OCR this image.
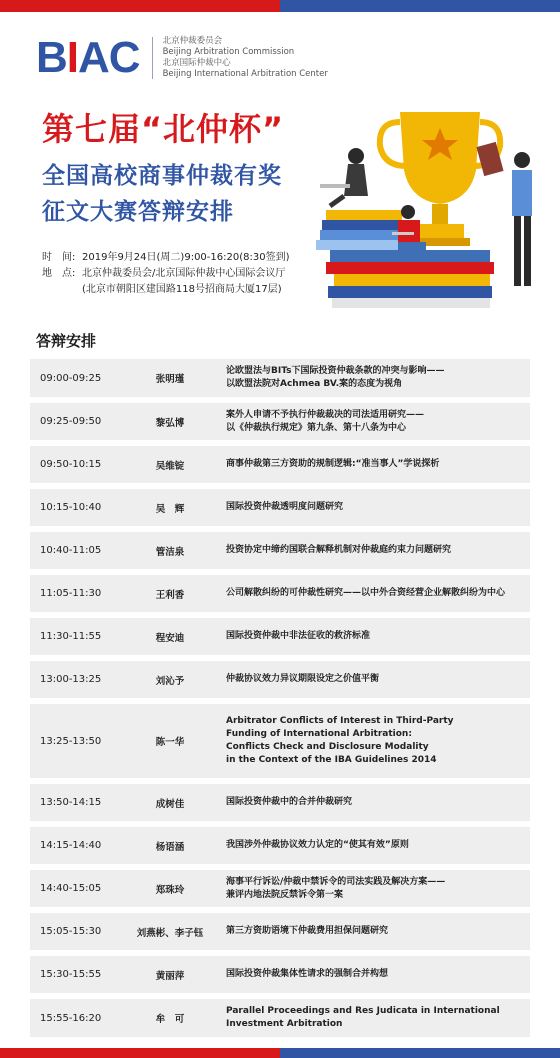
BIAC	北京仲裁委员会
Beijing Arbitration Commission
北京国际仲裁中心
Beijing International Arbitration Center
第七届“北仲杯”
全国高校商事仲裁有奖
征文大赛答辩安排
时　间: 2019年9月24日(周二)9:00-16:20(8:30签到)
地　点: 北京仲裁委员会/北京国际仲裁中心国际会议厅
(北京市朝阳区建国路118号招商局大厦17层)
答辩安排
09:00-09:25	张明瑾
论欧盟法与BITs下国际投资仲裁条款的冲突与影响——
以欧盟法院对Achmea BV.案的态度为视角
09:25-09:50	黎弘博
案外人申请不予执行仲裁裁决的司法适用研究——
以《仲裁执行规定》第九条、第十八条为中心
09:50-10:15	吴维锭	商事仲裁第三方资助的规制逻辑:“准当事人”学说探析
10:15-10:40	吴　辉	国际投资仲裁透明度问题研究
10:40-11:05	管洁泉	投资协定中缔约国联合解释机制对仲裁庭约束力问题研究
11:05-11:30	王利香	公司解散纠纷的可仲裁性研究——以中外合资经营企业解散纠纷为中心
11:30-11:55	程安迪	国际投资仲裁中非法征收的救济标准
13:00-13:25	刘沁予	仲裁协议效力异议期限设定之价值平衡
13:25-13:50	陈一华
Arbitrator Conflicts of Interest in Third-Party
Funding of International Arbitration:
Conflicts Check and Disclosure Modality
in the Context of the IBA Guidelines 2014
13:50-14:15	成树佳	国际投资仲裁中的合并仲裁研究
14:15-14:40	杨语涵	我国涉外仲裁协议效力认定的“使其有效”原则
14:40-15:05	郑珠玲
海事平行诉讼/仲裁中禁诉令的司法实践及解决方案——
兼评内地法院反禁诉令第一案
15:05-15:30	刘燕彬、李子钰	第三方资助语境下仲裁费用担保问题研究
15:30-15:55	黄丽萍	国际投资仲裁集体性请求的强制合并构想
15:55-16:20	牟　可
Parallel Proceedings and Res Judicata in International
Investment Arbitration
